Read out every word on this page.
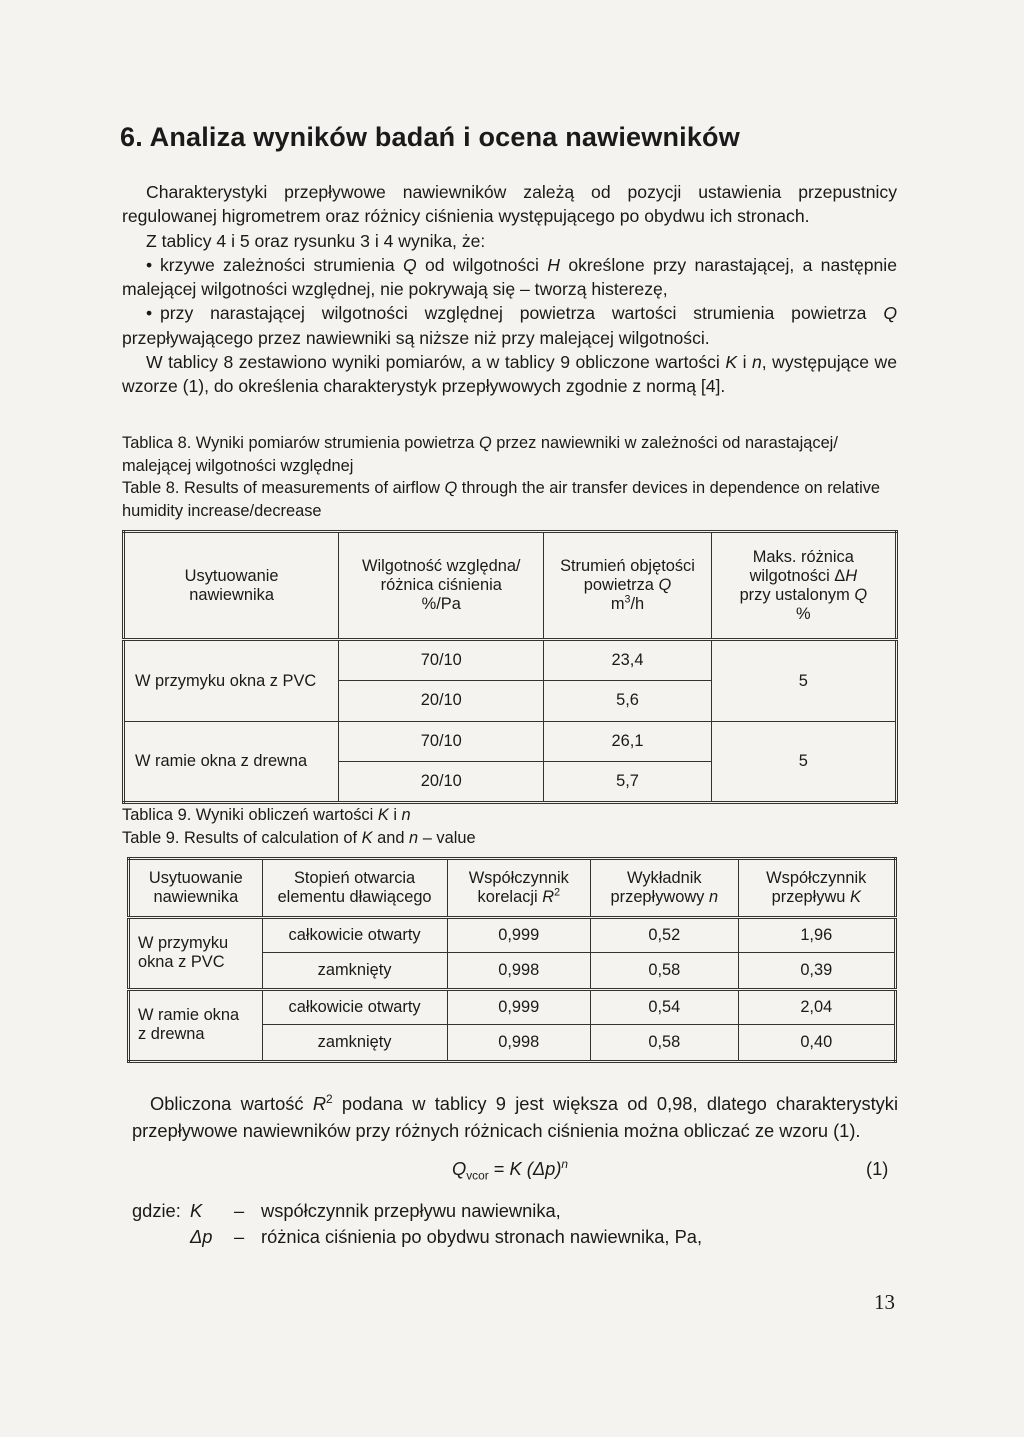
6. Analiza wyników badań i ocena nawiewników

Charakterystyki przepływowe nawiewników zależą od pozycji ustawienia przepustnicy regulowanej higrometrem oraz różnicy ciśnienia występującego po obydwu ich stronach.

Z tablicy 4 i 5 oraz rysunku 3 i 4 wynika, że:

• krzywe zależności strumienia Q od wilgotności H określone przy narastającej, a następnie malejącej wilgotności względnej, nie pokrywają się – tworzą histerezę,

• przy narastającej wilgotności względnej powietrza wartości strumienia powietrza Q przepływającego przez nawiewniki są niższe niż przy malejącej wilgotności.

W tablicy 8 zestawiono wyniki pomiarów, a w tablicy 9 obliczone wartości K i n, występujące we wzorze (1), do określenia charakterystyk przepływowych zgodnie z normą [4].

Tablica 8. Wyniki pomiarów strumienia powietrza Q przez nawiewniki w zależności od narastającej/ malejącej wilgotności względnej

Table 8. Results of measurements of airflow Q through the air transfer devices in dependence on relative humidity increase/decrease

Usytuowanie
nawiewnika	Wilgotność względna/
różnica ciśnienia
%/Pa	Strumień objętości
powietrza Q
$m^3/h$	Maks. różnica
wilgotności ΔH
przy ustalonym Q
%
W przymyku okna z PVC	70/10	23,4	5
	20/10	5,6	
W ramie okna z drewna	70/10	26,1	5
	20/10	5,7	

Tablica 9. Wyniki obliczeń wartości K i n

Table 9. Results of calculation of K and n – value

Usytuowanie
nawiewnika	Stopień otwarcia
elementu dławiącego	Współczynnik
korelacji $R^2$	Wykładnik
przepływowy n	Współczynnik
przepływu K
W przymyku
okna z PVC	całkowicie otwarty	0,999	0,52	1,96
	zamknięty	0,998	0,58	0,39
W ramie okna
z drewna	całkowicie otwarty	0,999	0,54	2,04
	zamknięty	0,998	0,58	0,40

Obliczona wartość $R^2$ podana w tablicy 9 jest większa od 0,98, dlatego charakterystyki przepływowe nawiewników przy różnych różnicach ciśnienia można obliczać ze wzoru (1).

$Q_{vcor} = K$ $(\Delta p)^n$	(1)
gdzie: K – współczynnik przepływu nawiewnika,
Δp – różnica ciśnienia po obydwu stronach nawiewnika, Pa,
13
